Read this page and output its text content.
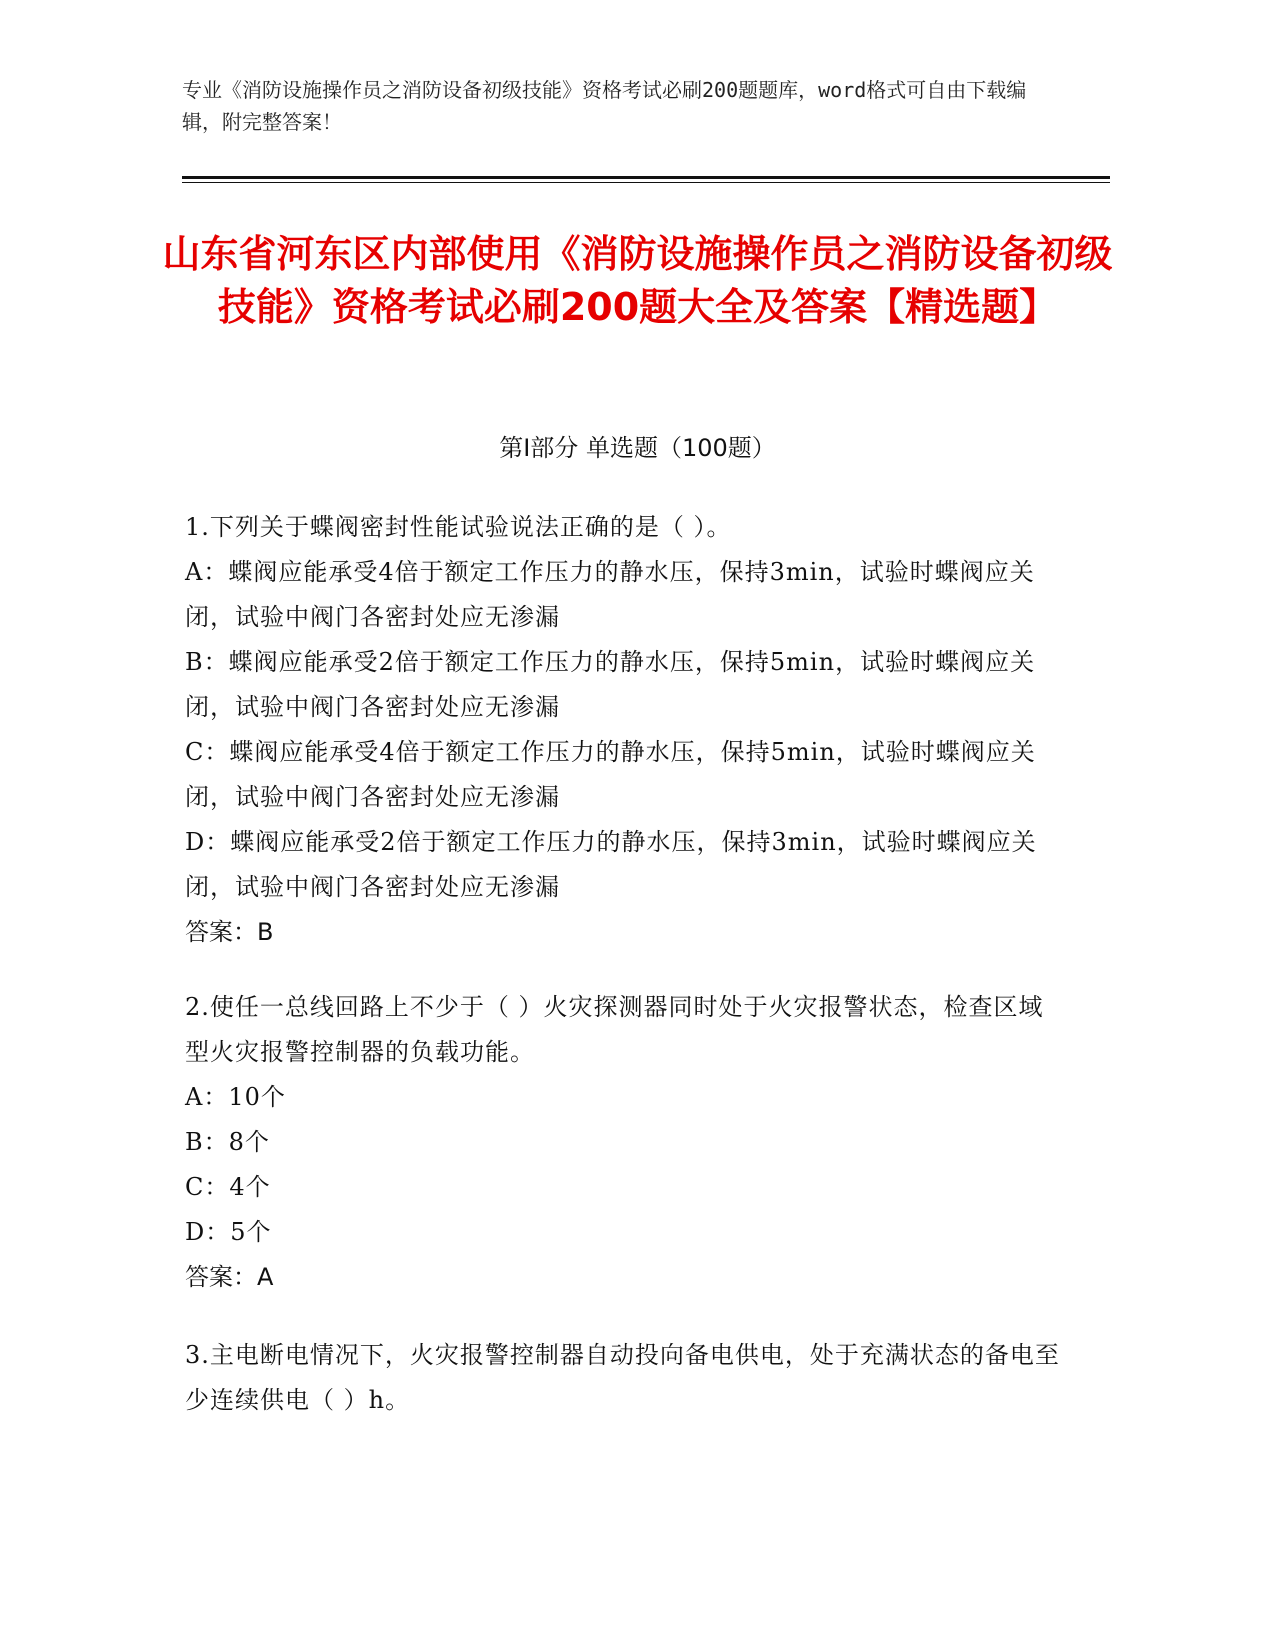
专业《消防设施操作员之消防设备初级技能》资格考试必刷200题题库，word格式可自由下载编辑，附完整答案！
山东省河东区内部使用《消防设施操作员之消防设备初级技能》资格考试必刷200题大全及答案【精选题】
第I部分 单选题（100题）

1.下列关于蝶阀密封性能试验说法正确的是（ ）。

A：蝶阀应能承受4倍于额定工作压力的静水压，保持3min，试验时蝶阀应关闭，试验中阀门各密封处应无渗漏

B：蝶阀应能承受2倍于额定工作压力的静水压，保持5min，试验时蝶阀应关闭，试验中阀门各密封处应无渗漏

C：蝶阀应能承受4倍于额定工作压力的静水压，保持5min，试验时蝶阀应关闭，试验中阀门各密封处应无渗漏

D：蝶阀应能承受2倍于额定工作压力的静水压，保持3min，试验时蝶阀应关闭，试验中阀门各密封处应无渗漏

答案：B

2.使任一总线回路上不少于（ ）火灾探测器同时处于火灾报警状态，检查区域型火灾报警控制器的负载功能。

A：10个

B：8个

C：4个

D：5个

答案：A

3.主电断电情况下，火灾报警控制器自动投向备电供电，处于充满状态的备电至少连续供电（ ）h。
